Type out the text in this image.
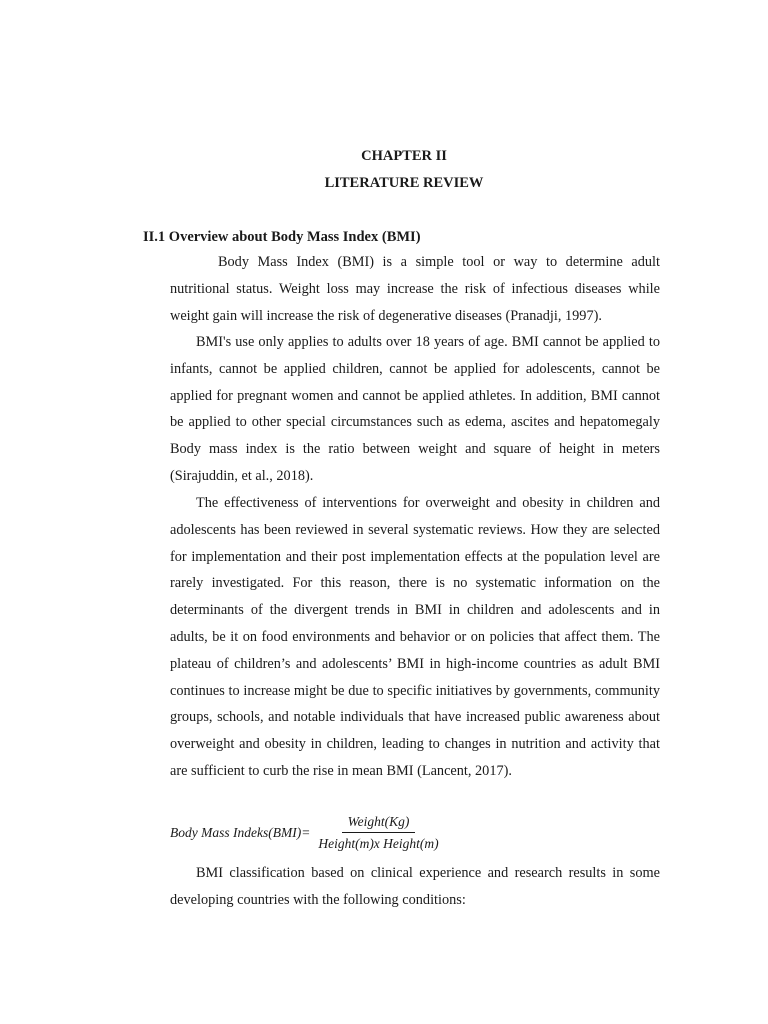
CHAPTER II
LITERATURE REVIEW
II.1 Overview about Body Mass Index (BMI)

Body Mass Index (BMI) is a simple tool or way to determine adult nutritional status. Weight loss may increase the risk of infectious diseases while weight gain will increase the risk of degenerative diseases (Pranadji, 1997).

BMI's use only applies to adults over 18 years of age. BMI cannot be applied to infants, cannot be applied children, cannot be applied for adolescents, cannot be applied for pregnant women and cannot be applied athletes. In addition, BMI cannot be applied to other special circumstances such as edema, ascites and hepatomegaly Body mass index is the ratio between weight and square of height in meters (Sirajuddin, et al., 2018).

The effectiveness of interventions for overweight and obesity in children and adolescents has been reviewed in several systematic reviews. How they are selected for implementation and their post implementation effects at the population level are rarely investigated. For this reason, there is no systematic information on the determinants of the divergent trends in BMI in children and adolescents and in adults, be it on food environments and behavior or on policies that affect them. The plateau of children’s and adolescents’ BMI in high-income countries as adult BMI continues to increase might be due to specific initiatives by governments, community groups, schools, and notable individuals that have increased public awareness about overweight and obesity in children, leading to changes in nutrition and activity that are sufficient to curb the rise in mean BMI (Lancent, 2017).

Body Mass Indeks(BMI)= $\frac{\text{Weight(Kg)}}{\text{Height(m)x Height(m)}}$

BMI classification based on clinical experience and research results in some developing countries with the following conditions:
